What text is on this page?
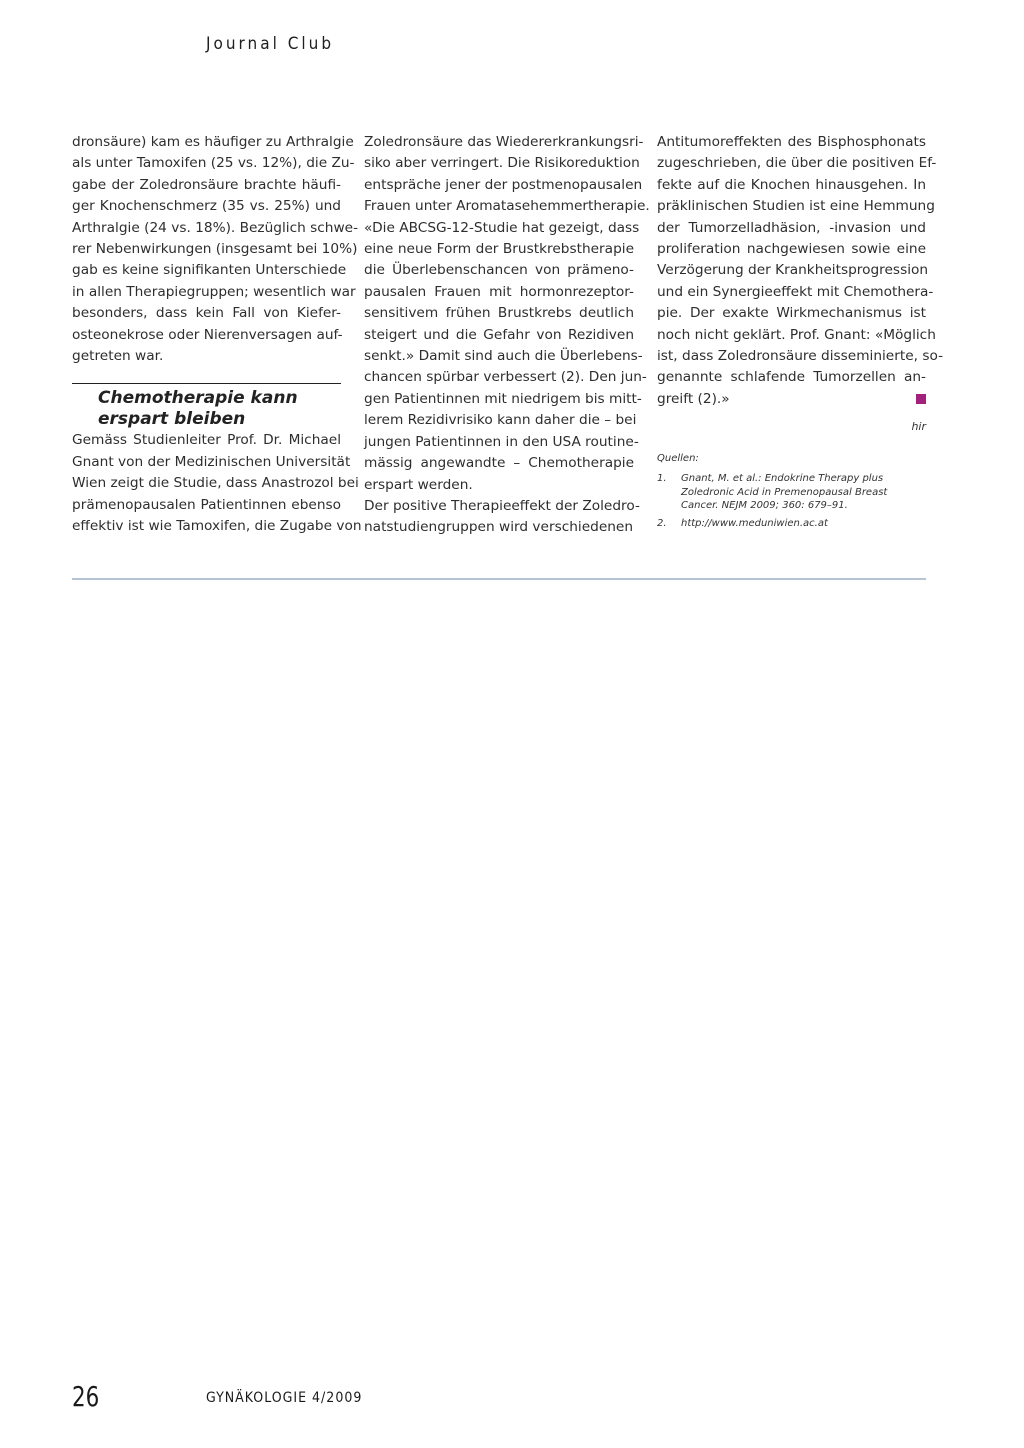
Journal Club

dronsäure) kam es häufiger zu Arthralgie
als unter Tamoxifen (25 vs. 12%), die Zu-
gabe der Zoledronsäure brachte häufi-
ger Knochenschmerz (35 vs. 25%) und
Arthralgie (24 vs. 18%). Bezüglich schwe-
rer Nebenwirkungen (insgesamt bei 10%)
gab es keine signifikanten Unterschiede
in allen Therapiegruppen; wesentlich war
besonders, dass kein Fall von Kiefer-
osteonekrose oder Nierenversagen auf-
getreten war.

Chemotherapie kann
erspart bleiben

Gemäss Studienleiter Prof. Dr. Michael
Gnant von der Medizinischen Universität
Wien zeigt die Studie, dass Anastrozol bei
prämenopausalen Patientinnen ebenso
effektiv ist wie Tamoxifen, die Zugabe von

Zoledronsäure das Wiedererkrankungsri-
siko aber verringert. Die Risikoreduktion
entspräche jener der postmenopausalen
Frauen unter Aromatasehemmertherapie.
«Die ABCSG-12-Studie hat gezeigt, dass
eine neue Form der Brustkrebstherapie
die Überlebenschancen von prämeno-
pausalen Frauen mit hormonrezeptor-
sensitivem frühen Brustkrebs deutlich
steigert und die Gefahr von Rezidiven
senkt.» Damit sind auch die Überlebens-
chancen spürbar verbessert (2). Den jun-
gen Patientinnen mit niedrigem bis mitt-
lerem Rezidivrisiko kann daher die – bei
jungen Patientinnen in den USA routine-
mässig angewandte – Chemotherapie
erspart werden.

Der positive Therapieeffekt der Zoledro-
natstudiengruppen wird verschiedenen

Antitumoreffekten des Bisphosphonats
zugeschrieben, die über die positiven Ef-
fekte auf die Knochen hinausgehen. In
präklinischen Studien ist eine Hemmung
der Tumorzelladhäsion, -invasion und
proliferation nachgewiesen sowie eine
Verzögerung der Krankheitsprogression
und ein Synergieeffekt mit Chemothera-
pie. Der exakte Wirkmechanismus ist
noch nicht geklärt. Prof. Gnant: «Möglich
ist, dass Zoledronsäure disseminierte, so-
genannte schlafende Tumorzellen an-
greift (2).»

hir
Quellen:
1.	Gnant, M. et al.: Endokrine Therapy plus Zoledronic Acid in Premenopausal Breast Cancer. NEJM 2009; 360: 679–91.
2.	http://www.meduniwien.ac.at
26	GYNÄKOLOGIE 4/2009
